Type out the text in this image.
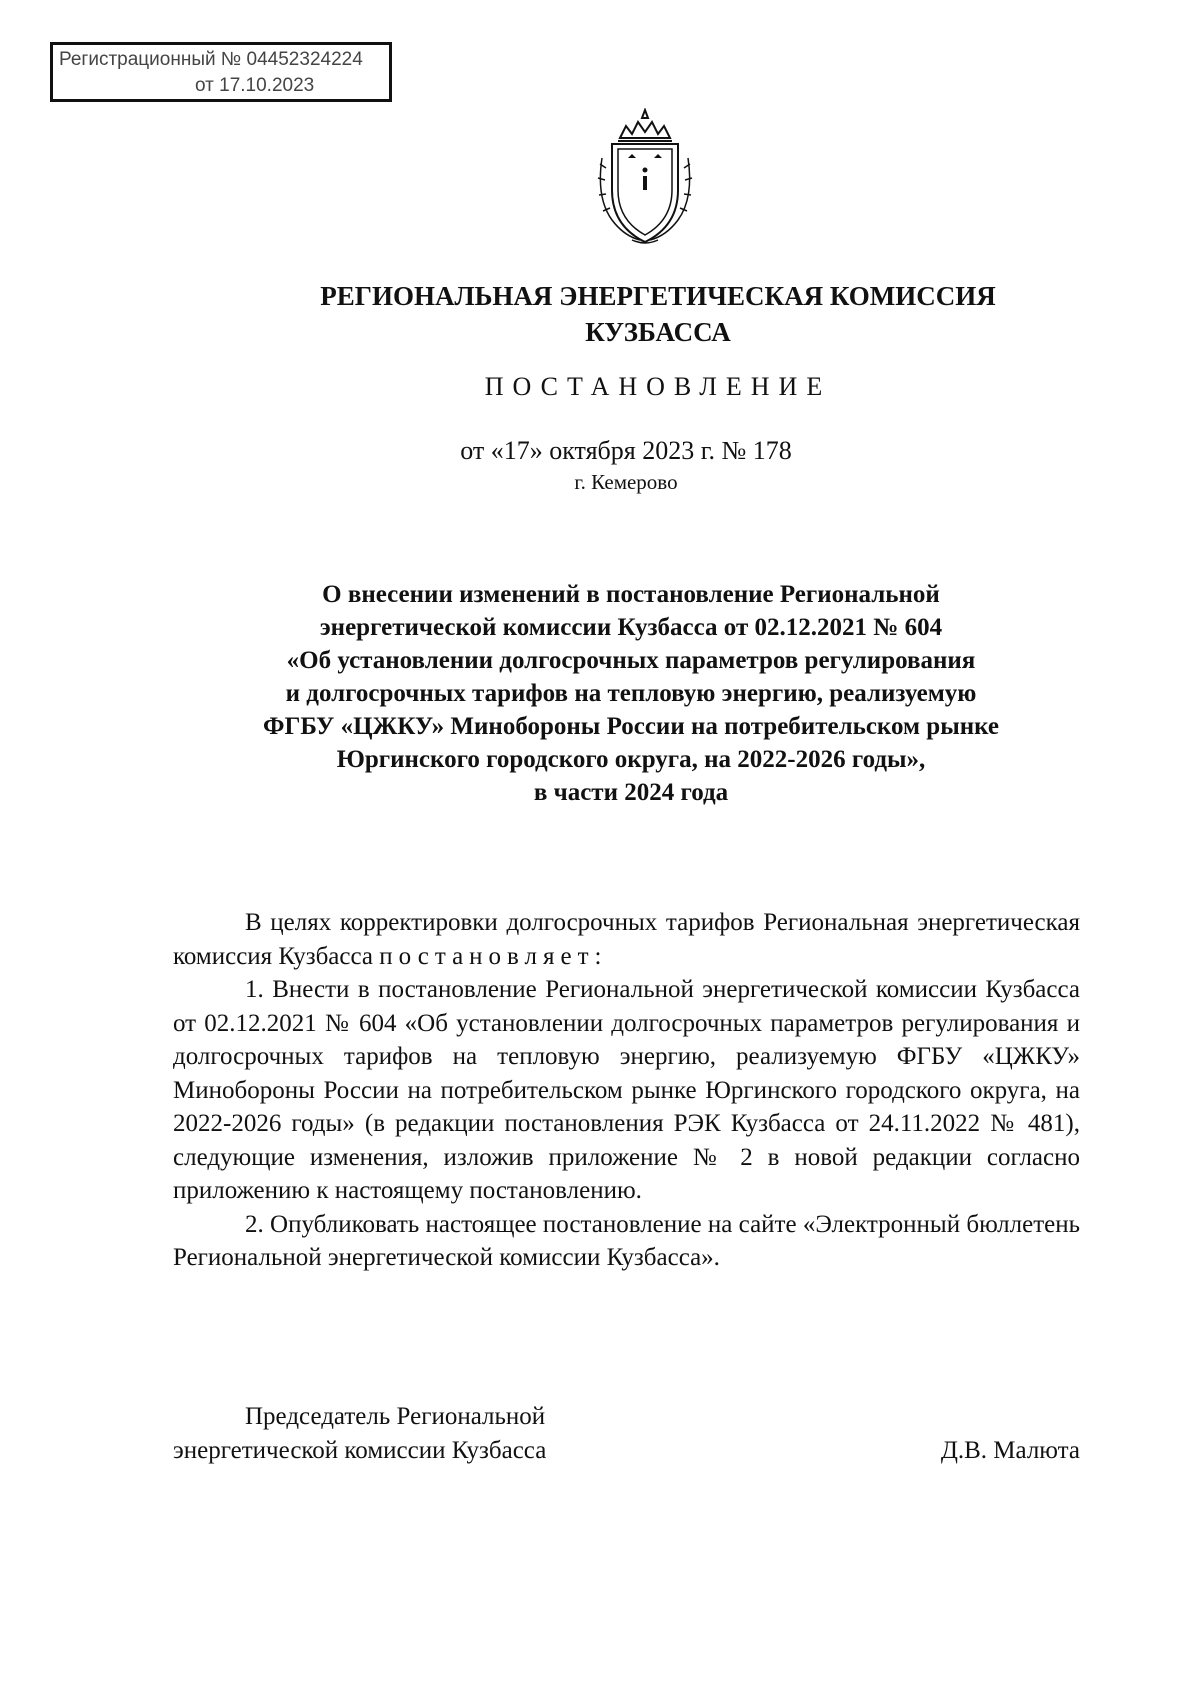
Регистрационный № 04452324224
от 17.10.2023
РЕГИОНАЛЬНАЯ ЭНЕРГЕТИЧЕСКАЯ КОМИССИЯ
КУЗБАССА
ПОСТАНОВЛЕНИЕ
от «17» октября 2023 г. № 178
г. Кемерово
О внесении изменений в постановление Региональной
энергетической комиссии Кузбасса от 02.12.2021 № 604
«Об установлении долгосрочных параметров регулирования
и долгосрочных тарифов на тепловую энергию, реализуемую
ФГБУ «ЦЖКУ» Минобороны России на потребительском рынке
Юргинского городского округа, на 2022-2026 годы»,
в части 2024 года

В целях корректировки долгосрочных тарифов Региональная энергетическая комиссия Кузбасса постановляет:

1. Внести в постановление Региональной энергетической комиссии Кузбасса от 02.12.2021 № 604 «Об установлении долгосрочных параметров регулирования и долгосрочных тарифов на тепловую энергию, реализуемую ФГБУ «ЦЖКУ» Минобороны России на потребительском рынке Юргинского городского округа, на 2022-2026 годы» (в редакции постановления РЭК Кузбасса от 24.11.2022 № 481), следующие изменения, изложив приложение № 2 в новой редакции согласно приложению к настоящему постановлению.

2. Опубликовать настоящее постановление на сайте «Электронный бюллетень Региональной энергетической комиссии Кузбасса».

Председатель Региональной
энергетической комиссии Кузбасса	Д.В. Малюта
